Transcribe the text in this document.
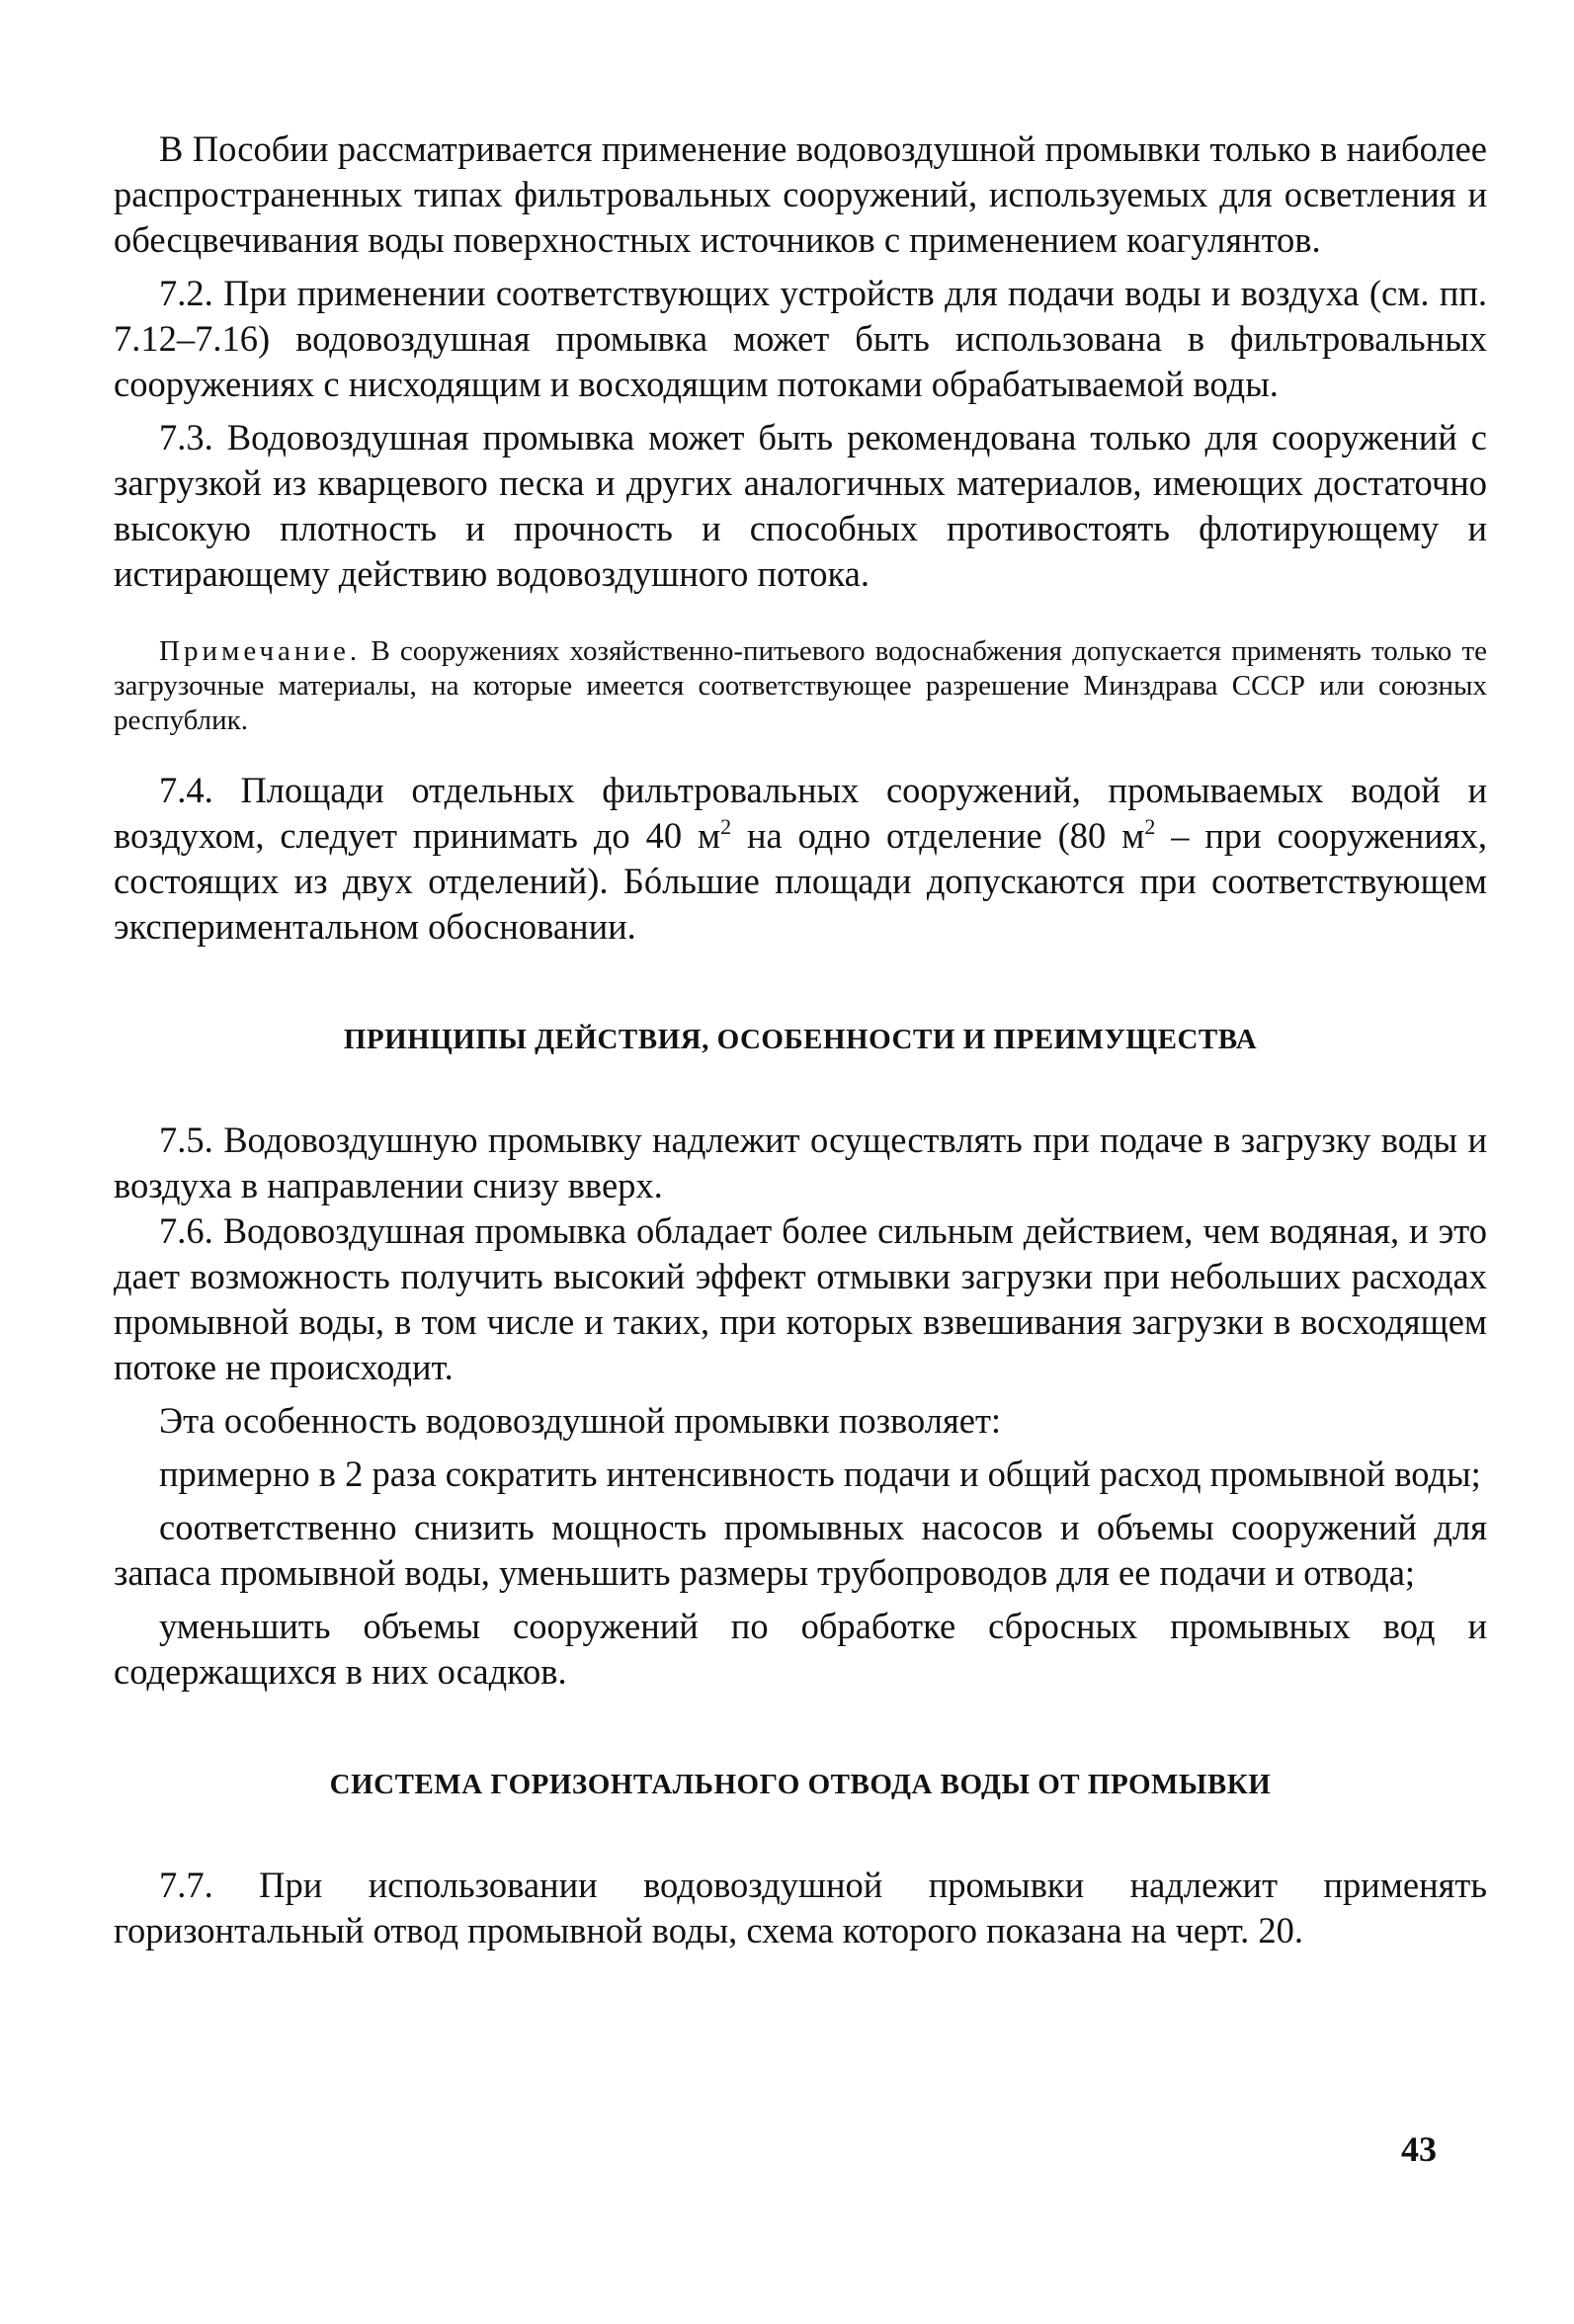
В Пособии рассматривается применение водовоздушной промывки только в наиболее распространенных типах фильтровальных сооружений, используемых для осветления и обесцвечивания воды поверхностных источников с применением коагулянтов.

7.2. При применении соответствующих устройств для подачи воды и воздуха (см. пп. 7.12–7.16) водовоздушная промывка может быть использована в фильтровальных сооружениях с нисходящим и восходящим потоками обрабатываемой воды.

7.3. Водовоздушная промывка может быть рекомендована только для сооружений с загрузкой из кварцевого песка и других аналогичных материалов, имеющих достаточно высокую плотность и прочность и способных противостоять флотирующему и истирающему действию водовоздушного потока.

Примечание. В сооружениях хозяйственно-питьевого водоснабжения допускается применять только те загрузочные материалы, на которые имеется соответствующее разрешение Минздрава СССР или союзных республик.

7.4. Площади отдельных фильтровальных сооружений, промываемых водой и воздухом, следует принимать до 40 $м^2$ на одно отделение (80 $м^2$ – при сооружениях, состоящих из двух отделений). Бóльшие площади допускаются при соответствующем экспериментальном обосновании.

ПРИНЦИПЫ ДЕЙСТВИЯ, ОСОБЕННОСТИ И ПРЕИМУЩЕСТВА

7.5. Водовоздушную промывку надлежит осуществлять при подаче в загрузку воды и воздуха в направлении снизу вверх.

7.6. Водовоздушная промывка обладает более сильным действием, чем водяная, и это дает возможность получить высокий эффект отмывки загрузки при небольших расходах промывной воды, в том числе и таких, при которых взвешивания загрузки в восходящем потоке не происходит.

Эта особенность водовоздушной промывки позволяет:

примерно в 2 раза сократить интенсивность подачи и общий расход промывной воды;

соответственно снизить мощность промывных насосов и объемы сооружений для запаса промывной воды, уменьшить размеры трубопроводов для ее подачи и отвода;

уменьшить объемы сооружений по обработке сбросных промывных вод и содержащихся в них осадков.

СИСТЕМА ГОРИЗОНТАЛЬНОГО ОТВОДА ВОДЫ ОТ ПРОМЫВКИ

7.7. При использовании водовоздушной промывки надлежит применять горизонтальный отвод промывной воды, схема которого показана на черт. 20.

43
